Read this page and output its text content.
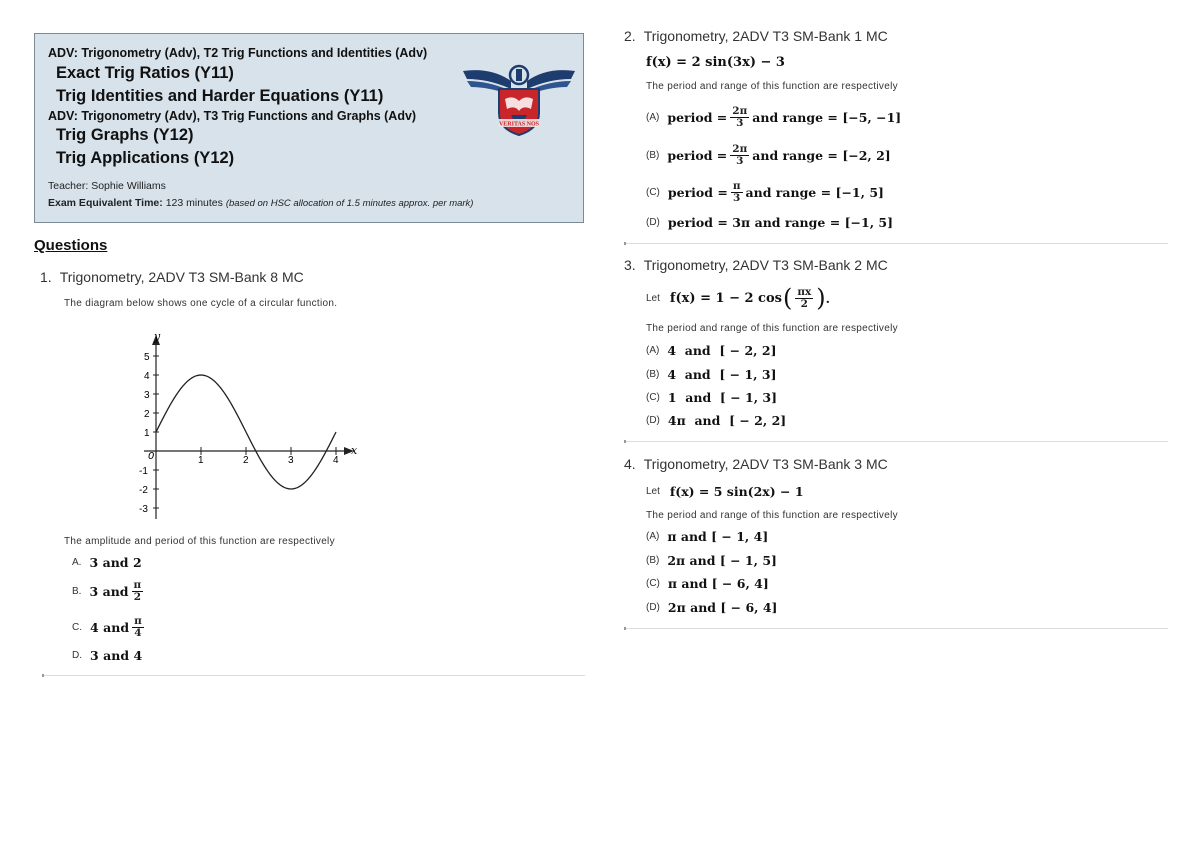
ADV: Trigonometry (Adv), T2 Trig Functions and Identities (Adv)
Exact Trig Ratios (Y11)
Trig Identities and Harder Equations (Y11)
ADV: Trigonometry (Adv), T3 Trig Functions and Graphs (Adv)
Trig Graphs (Y12)
Trig Applications (Y12)
Teacher: Sophie Williams
Exam Equivalent Time: 123 minutes (based on HSC allocation of 1.5 minutes approx. per mark)
VERITAS NOS
Questions
1. Trigonometry, 2ADV T3 SM-Bank 8 MC
The diagram below shows one cycle of a circular function.
y
x
0	1	2	3	4
5
4
3
2
1
-1
-2
-3
The amplitude and period of this function are respectively
A. 3
and
2
B. 3
and $\frac{\pi}{2}$
C. 4
and $\frac{\pi}{4}$
D. 3
and
4
2. Trigonometry, 2ADV T3 SM-Bank 1 MC
f(x) = 2 sin(3x) − 3
The period and range of this function are respectively
(A) period = $\frac{2\pi}{3}$ and range =
[−5, −1]
(B) period = $\frac{2\pi}{3}$ and range =
[−2, 2]
(C) period = $\frac{\pi}{3}$ and range =
[−1, 5]
(D) period =
3π
and range =
[−1, 5]
3. Trigonometry, 2ADV T3 SM-Bank 2 MC
Let f(x) = 1 − 2 cos ( $\frac{\pi x}{2}$ ) .
The period and range of this function are respectively
(A) 4  and  [ − 2, 2]
(B) 4  and  [ − 1, 3]
(C) 1  and  [ − 1, 3]
(D) 4π  and  [ − 2, 2]
4. Trigonometry, 2ADV T3 SM-Bank 3 MC
Let f(x) = 5 sin(2x) − 1
The period and range of this function are respectively
(A) π and [ − 1, 4]
(B) 2π and [ − 1, 5]
(C) π and [ − 6, 4]
(D) 2π and [ − 6, 4]
